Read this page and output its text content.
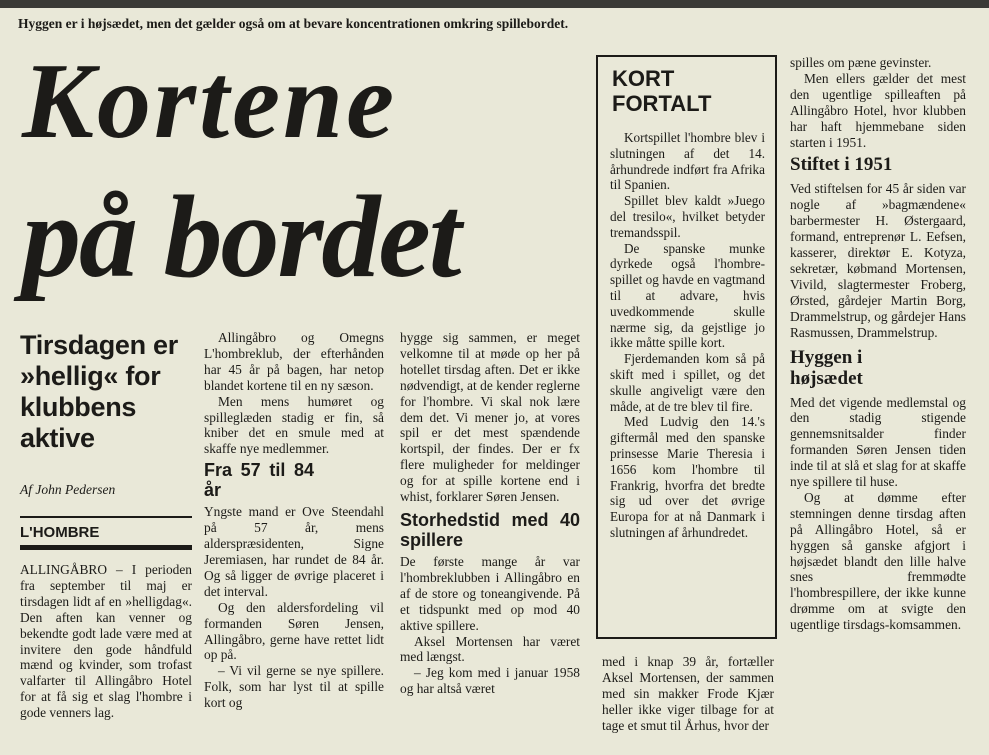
Hyggen er i højsædet, men det gælder også om at bevare koncentrationen omkring spillebordet.
Kortene
på bordet
Tirsdagen er
»hellig« for
klubbens
aktive
Af John Pedersen
L'HOMBRE

ALLINGÅBRO – I perioden fra september til maj er tirsdagen lidt af en »helligdag«. Den aften kan venner og bekendte godt lade være med at invitere den gode håndfuld mænd og kvinder, som trofast valfarter til Allingåbro Hotel for at få sig et slag l'hombre i gode venners lag.

Allingåbro og Omegns L'hombreklub, der efterhånden har 45 år på bagen, har netop blandet kortene til en ny sæson.

Men mens humøret og spilleglæden stadig er fin, så kniber det en smule med at skaffe nye medlemmer.

Fra 57 til 84 år

Yngste mand er Ove Steendahl på 57 år, mens alderspræsidenten, Signe Jeremiasen, har rundet de 84 år. Og så ligger de øvrige placeret i det interval.

Og den aldersfordeling vil formanden Søren Jensen, Allingåbro, gerne have rettet lidt op på.

– Vi vil gerne se nye spillere. Folk, som har lyst til at spille kort og

hygge sig sammen, er meget velkomne til at møde op her på hotellet tirsdag aften. Det er ikke nødvendigt, at de kender reglerne for l'hombre. Vi skal nok lære dem det. Vi mener jo, at vores spil er det mest spændende kortspil, der findes. Der er fx flere muligheder for meldinger og for at spille kortene end i whist, forklarer Søren Jensen.

Storhedstid med 40 spillere

De første mange år var l'hombreklubben i Allingåbro en af de store og toneangivende. På et tidspunkt med op mod 40 aktive spillere.

Aksel Mortensen har været med længst.

– Jeg kom med i januar 1958 og har altså været

KORT
FORTALT

Kortspillet l'hombre blev i slutningen af det 14. århundrede indført fra Afrika til Spanien.

Spillet blev kaldt »Juego del tresilo«, hvilket betyder tremandsspil.

De spanske munke dyrkede også l'hombre-spillet og havde en vagtmand til at advare, hvis uvedkommende skulle nærme sig, da gejstlige jo ikke måtte spille kort.

Fjerdemanden kom så på skift med i spillet, og det skulle angiveligt være den måde, at de tre blev til fire.

Med Ludvig den 14.'s giftermål med den spanske prinsesse Marie Theresia i 1656 kom l'hombre til Frankrig, hvorfra det bredte sig ud over det øvrige Europa for at nå Danmark i slutningen af århundredet.

med i knap 39 år, fortæller Aksel Mortensen, der sammen med sin makker Frode Kjær heller ikke viger tilbage for at tage et smut til Århus, hvor der

spilles om pæne gevinster.

Men ellers gælder det mest den ugentlige spilleaften på Allingåbro Hotel, hvor klubben har haft hjemmebane siden starten i 1951.

Stiftet i 1951

Ved stiftelsen for 45 år siden var nogle af »bagmændene« barbermester H. Østergaard, formand, entreprenør L. Eefsen, kasserer, direktør E. Kotyza, sekretær, købmand Mortensen, Vivild, slagtermester Froberg, Ørsted, gårdejer Martin Borg, Drammelstrup, og gårdejer Hans Rasmussen, Drammelstrup.

Hyggen i
højsædet

Med det vigende medlemstal og den stadig stigende gennemsnitsalder finder formanden Søren Jensen tiden inde til at slå et slag for at skaffe nye spillere til huse.

Og at dømme efter stemningen denne tirsdag aften på Allingåbro Hotel, så er hyggen så ganske afgjort i højsædet blandt den lille halve snes fremmødte l'hombrespillere, der ikke kunne drømme om at svigte den ugentlige tirsdags-komsammen.
